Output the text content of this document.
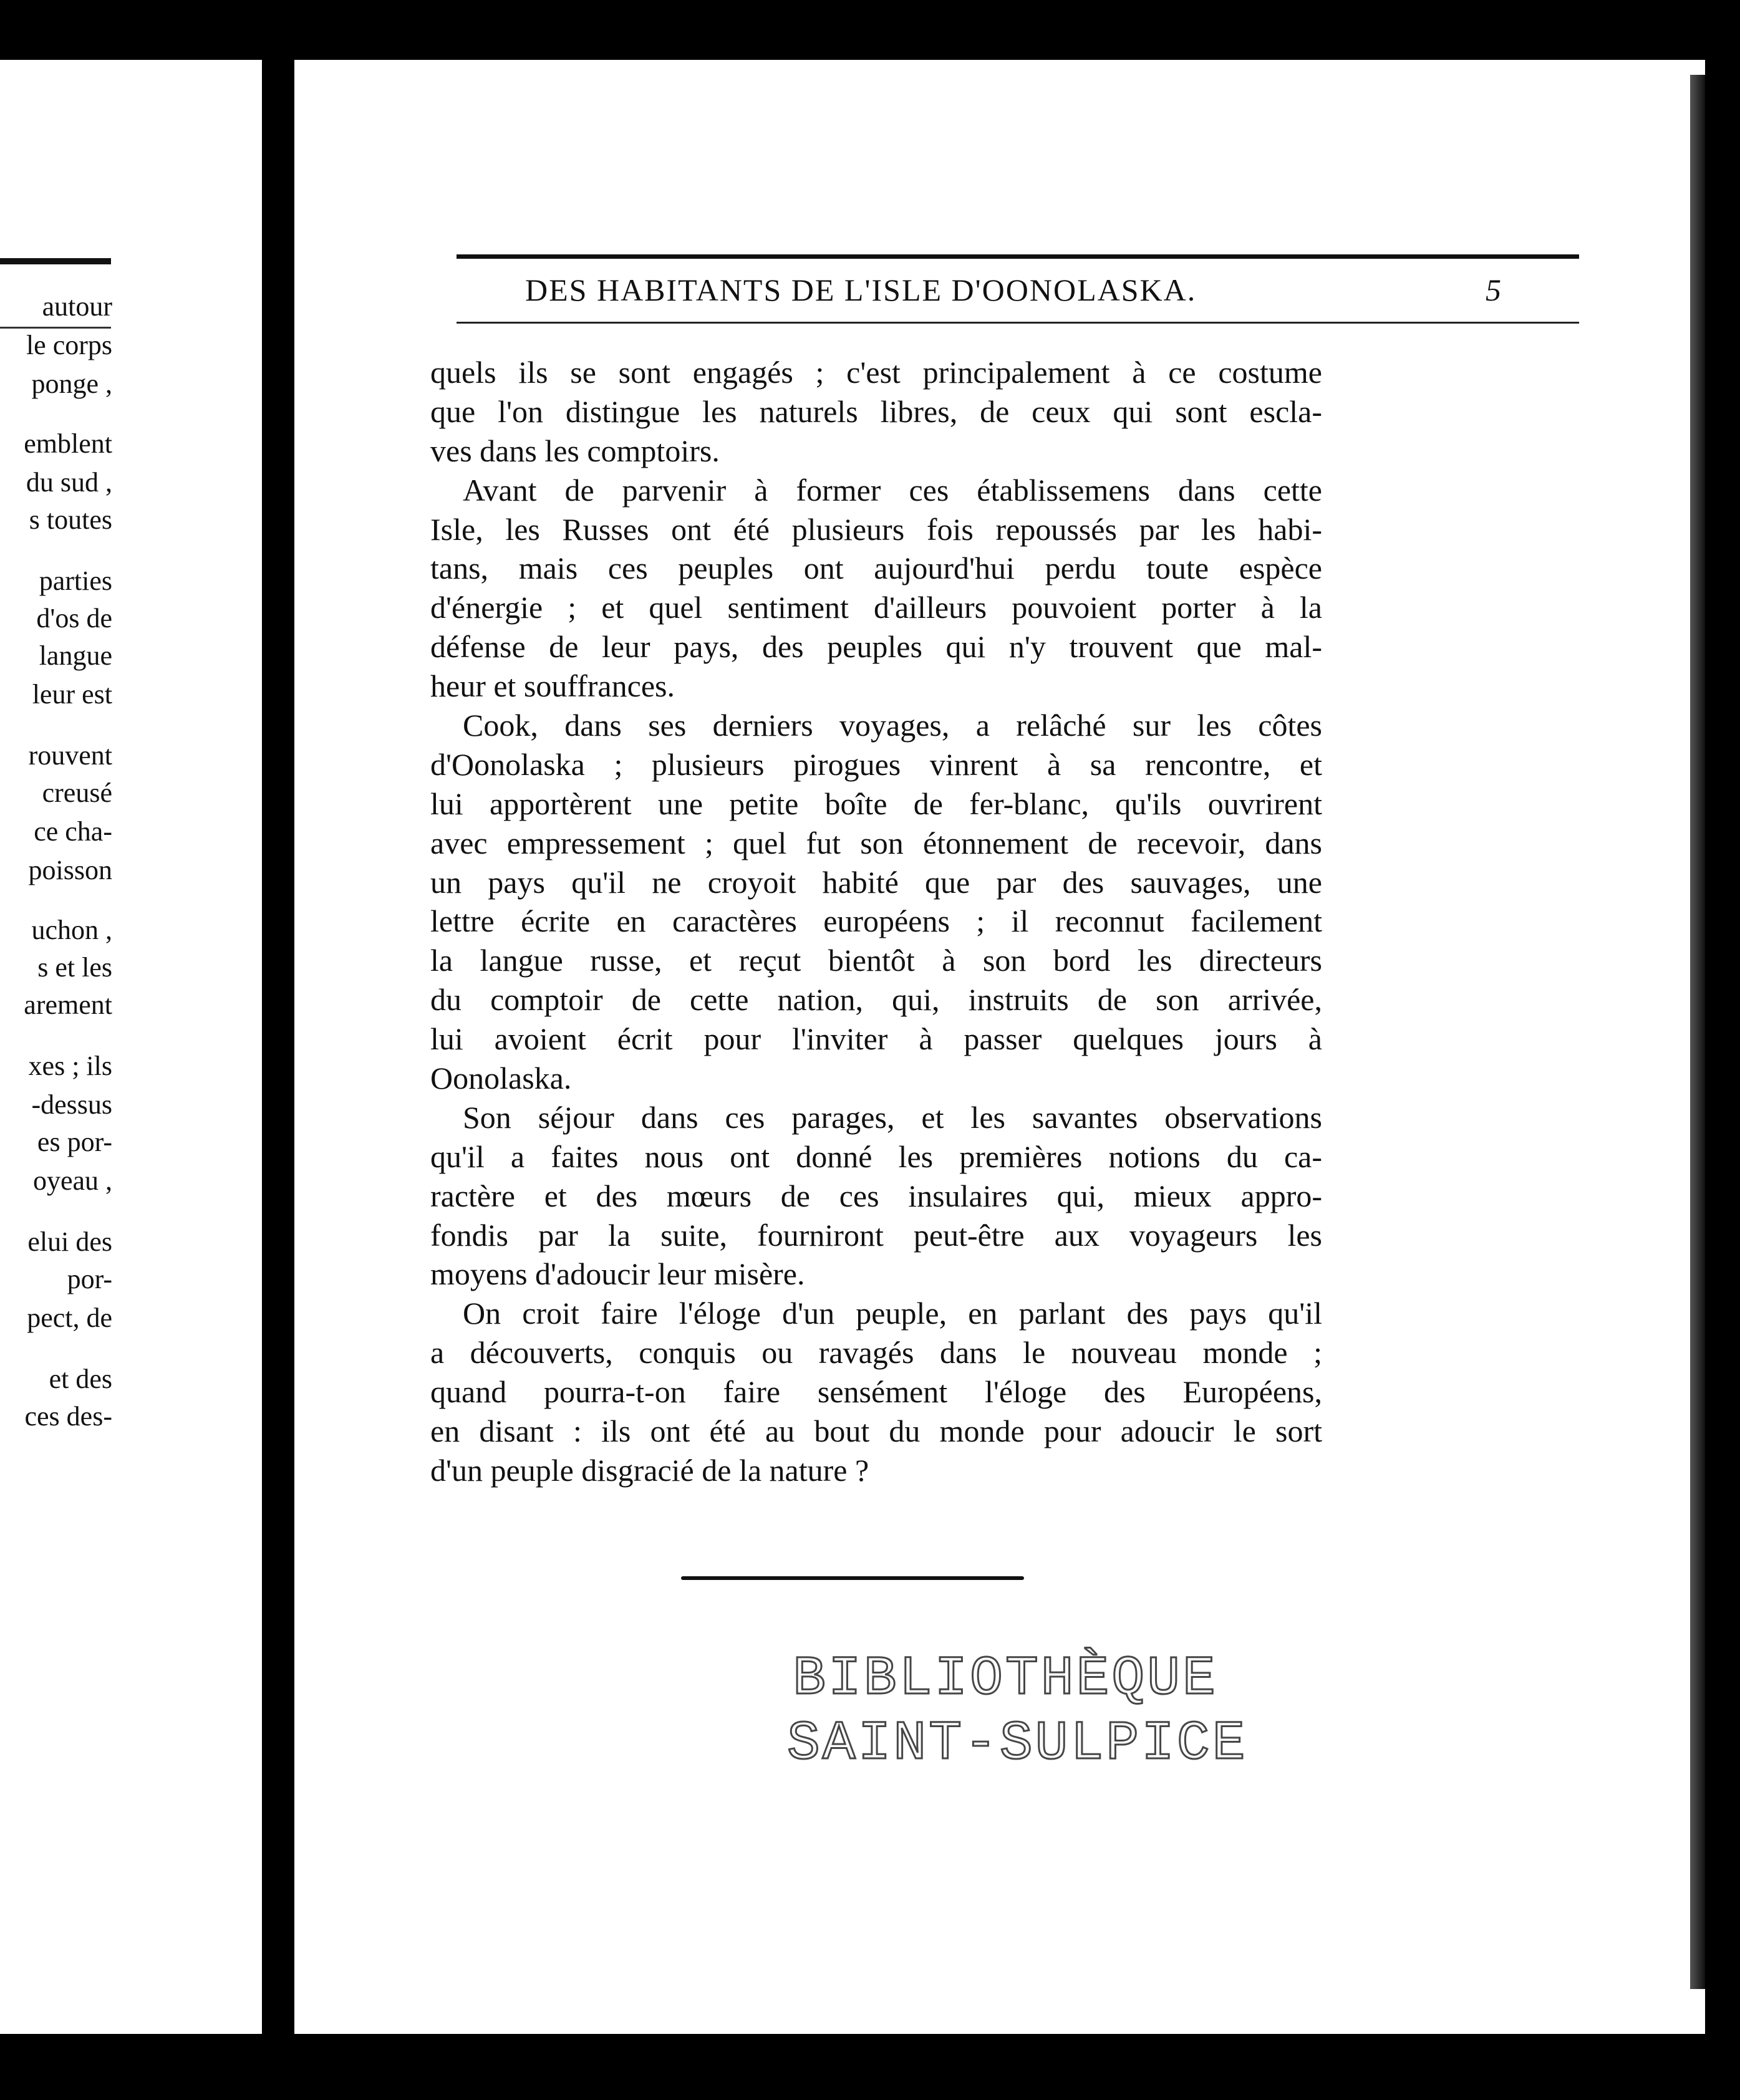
autour
le corps
ponge ,
emblent
du sud ,
s toutes
parties
d'os de
langue
leur est
rouvent
creusé
ce cha-
poisson
uchon ,
s et les
arement
xes ; ils
-dessus
es por-
oyeau ,
elui des
por-
pect, de
et des
ces des-
DES HABITANTS DE L'ISLE D'OONOLASKA.	5
quels ils se sont engagés ; c'est principalement à ce costume
que l'on distingue les naturels libres, de ceux qui sont escla-
ves dans les comptoirs.
Avant de parvenir à former ces établissemens dans cette
Isle, les Russes ont été plusieurs fois repoussés par les habi-
tans, mais ces peuples ont aujourd'hui perdu toute espèce
d'énergie ; et quel sentiment d'ailleurs pouvoient porter à la
défense de leur pays, des peuples qui n'y trouvent que mal-
heur et souffrances.
Cook, dans ses derniers voyages, a relâché sur les côtes
d'Oonolaska ; plusieurs pirogues vinrent à sa rencontre, et
lui apportèrent une petite boîte de fer-blanc, qu'ils ouvrirent
avec empressement ; quel fut son étonnement de recevoir, dans
un pays qu'il ne croyoit habité que par des sauvages, une
lettre écrite en caractères européens ; il reconnut facilement
la langue russe, et reçut bientôt à son bord les directeurs
du comptoir de cette nation, qui, instruits de son arrivée,
lui avoient écrit pour l'inviter à passer quelques jours à
Oonolaska.
Son séjour dans ces parages, et les savantes observations
qu'il a faites nous ont donné les premières notions du ca-
ractère et des mœurs de ces insulaires qui, mieux appro-
fondis par la suite, fourniront peut-être aux voyageurs les
moyens d'adoucir leur misère.
On croit faire l'éloge d'un peuple, en parlant des pays qu'il
a découverts, conquis ou ravagés dans le nouveau monde ;
quand pourra-t-on faire sensément l'éloge des Européens,
en disant : ils ont été au bout du monde pour adoucir le sort
d'un peuple disgracié de la nature ?
BIBLIOTHÈQUE
SAINT-SULPICE
